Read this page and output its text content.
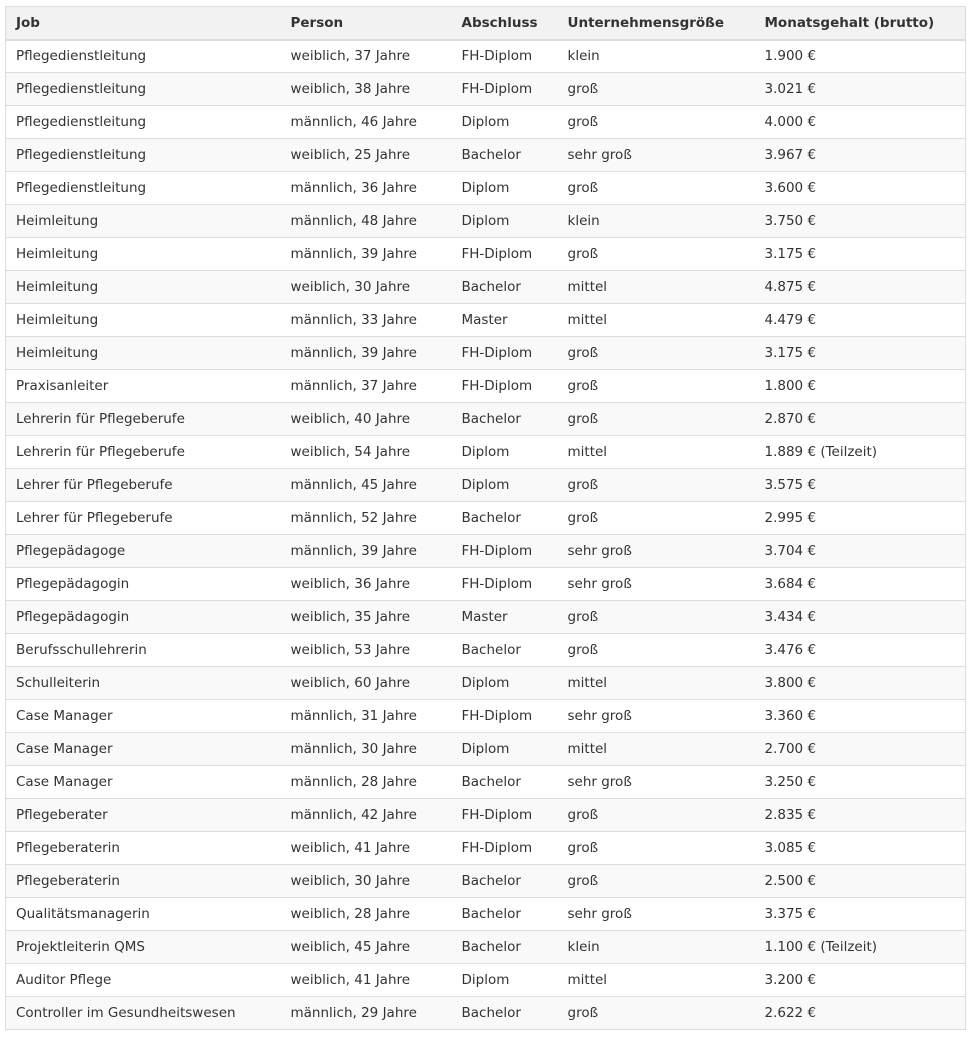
Job	Person	Abschluss	Unternehmensgröße	Monatsgehalt (brutto)
Pflegedienstleitung	weiblich, 37 Jahre	FH-Diplom	klein	1.900 €
Pflegedienstleitung	weiblich, 38 Jahre	FH-Diplom	groß	3.021 €
Pflegedienstleitung	männlich, 46 Jahre	Diplom	groß	4.000 €
Pflegedienstleitung	weiblich, 25 Jahre	Bachelor	sehr groß	3.967 €
Pflegedienstleitung	männlich, 36 Jahre	Diplom	groß	3.600 €
Heimleitung	männlich, 48 Jahre	Diplom	klein	3.750 €
Heimleitung	männlich, 39 Jahre	FH-Diplom	groß	3.175 €
Heimleitung	weiblich, 30 Jahre	Bachelor	mittel	4.875 €
Heimleitung	männlich, 33 Jahre	Master	mittel	4.479 €
Heimleitung	männlich, 39 Jahre	FH-Diplom	groß	3.175 €
Praxisanleiter	männlich, 37 Jahre	FH-Diplom	groß	1.800 €
Lehrerin für Pflegeberufe	weiblich, 40 Jahre	Bachelor	groß	2.870 €
Lehrerin für Pflegeberufe	weiblich, 54 Jahre	Diplom	mittel	1.889 € (Teilzeit)
Lehrer für Pflegeberufe	männlich, 45 Jahre	Diplom	groß	3.575 €
Lehrer für Pflegeberufe	männlich, 52 Jahre	Bachelor	groß	2.995 €
Pflegepädagoge	männlich, 39 Jahre	FH-Diplom	sehr groß	3.704 €
Pflegepädagogin	weiblich, 36 Jahre	FH-Diplom	sehr groß	3.684 €
Pflegepädagogin	weiblich, 35 Jahre	Master	groß	3.434 €
Berufsschullehrerin	weiblich, 53 Jahre	Bachelor	groß	3.476 €
Schulleiterin	weiblich, 60 Jahre	Diplom	mittel	3.800 €
Case Manager	männlich, 31 Jahre	FH-Diplom	sehr groß	3.360 €
Case Manager	männlich, 30 Jahre	Diplom	mittel	2.700 €
Case Manager	männlich, 28 Jahre	Bachelor	sehr groß	3.250 €
Pflegeberater	männlich, 42 Jahre	FH-Diplom	groß	2.835 €
Pflegeberaterin	weiblich, 41 Jahre	FH-Diplom	groß	3.085 €
Pflegeberaterin	weiblich, 30 Jahre	Bachelor	groß	2.500 €
Qualitätsmanagerin	weiblich, 28 Jahre	Bachelor	sehr groß	3.375 €
Projektleiterin QMS	weiblich, 45 Jahre	Bachelor	klein	1.100 € (Teilzeit)
Auditor Pflege	weiblich, 41 Jahre	Diplom	mittel	3.200 €
Controller im Gesundheitswesen	männlich, 29 Jahre	Bachelor	groß	2.622 €
